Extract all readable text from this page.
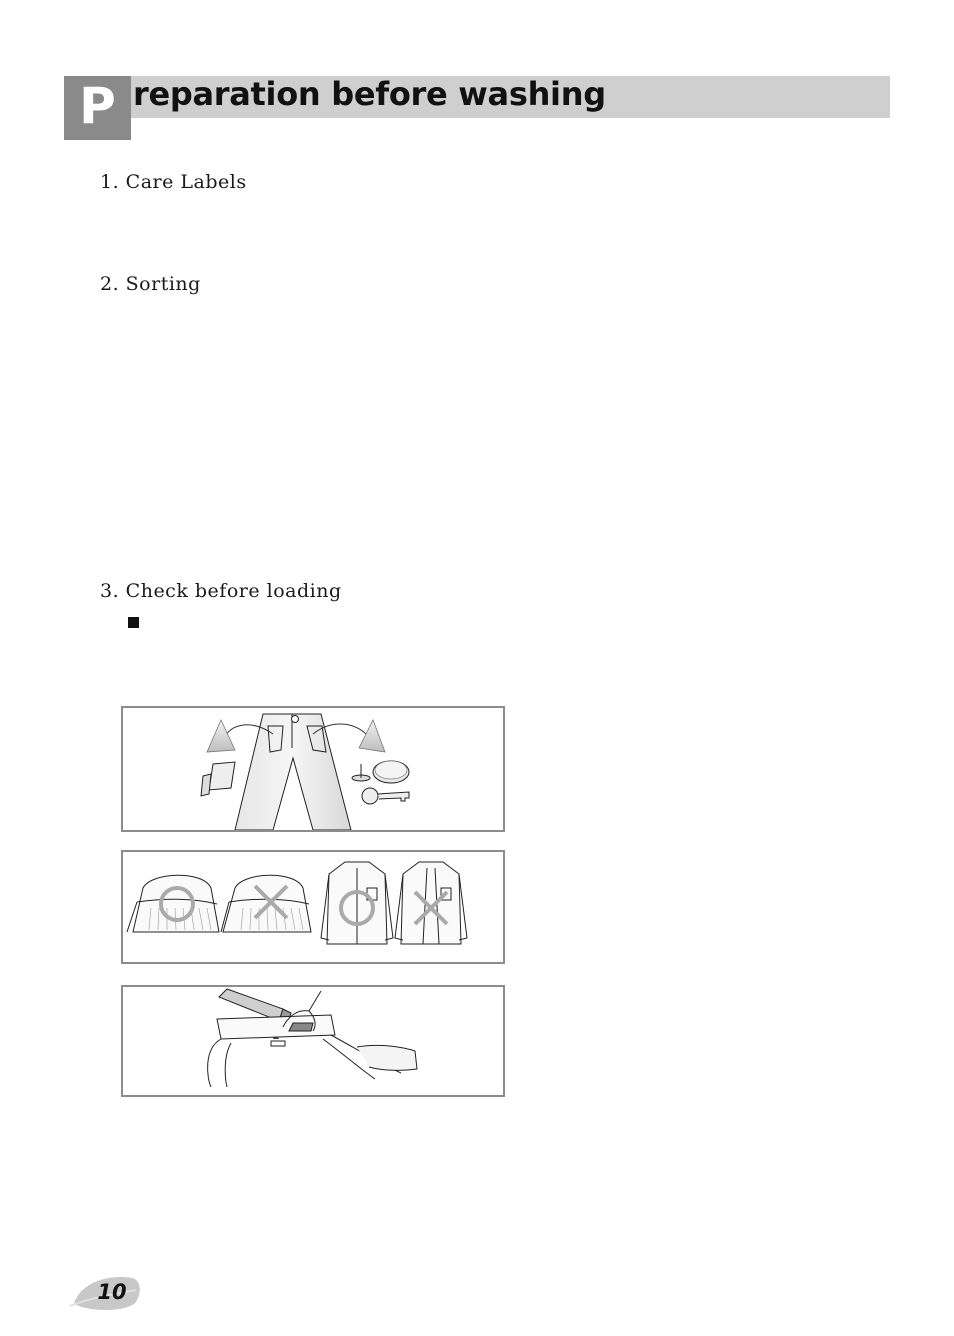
P reparation before washing
1. Care Labels
2. Sorting
3. Check before loading
10
